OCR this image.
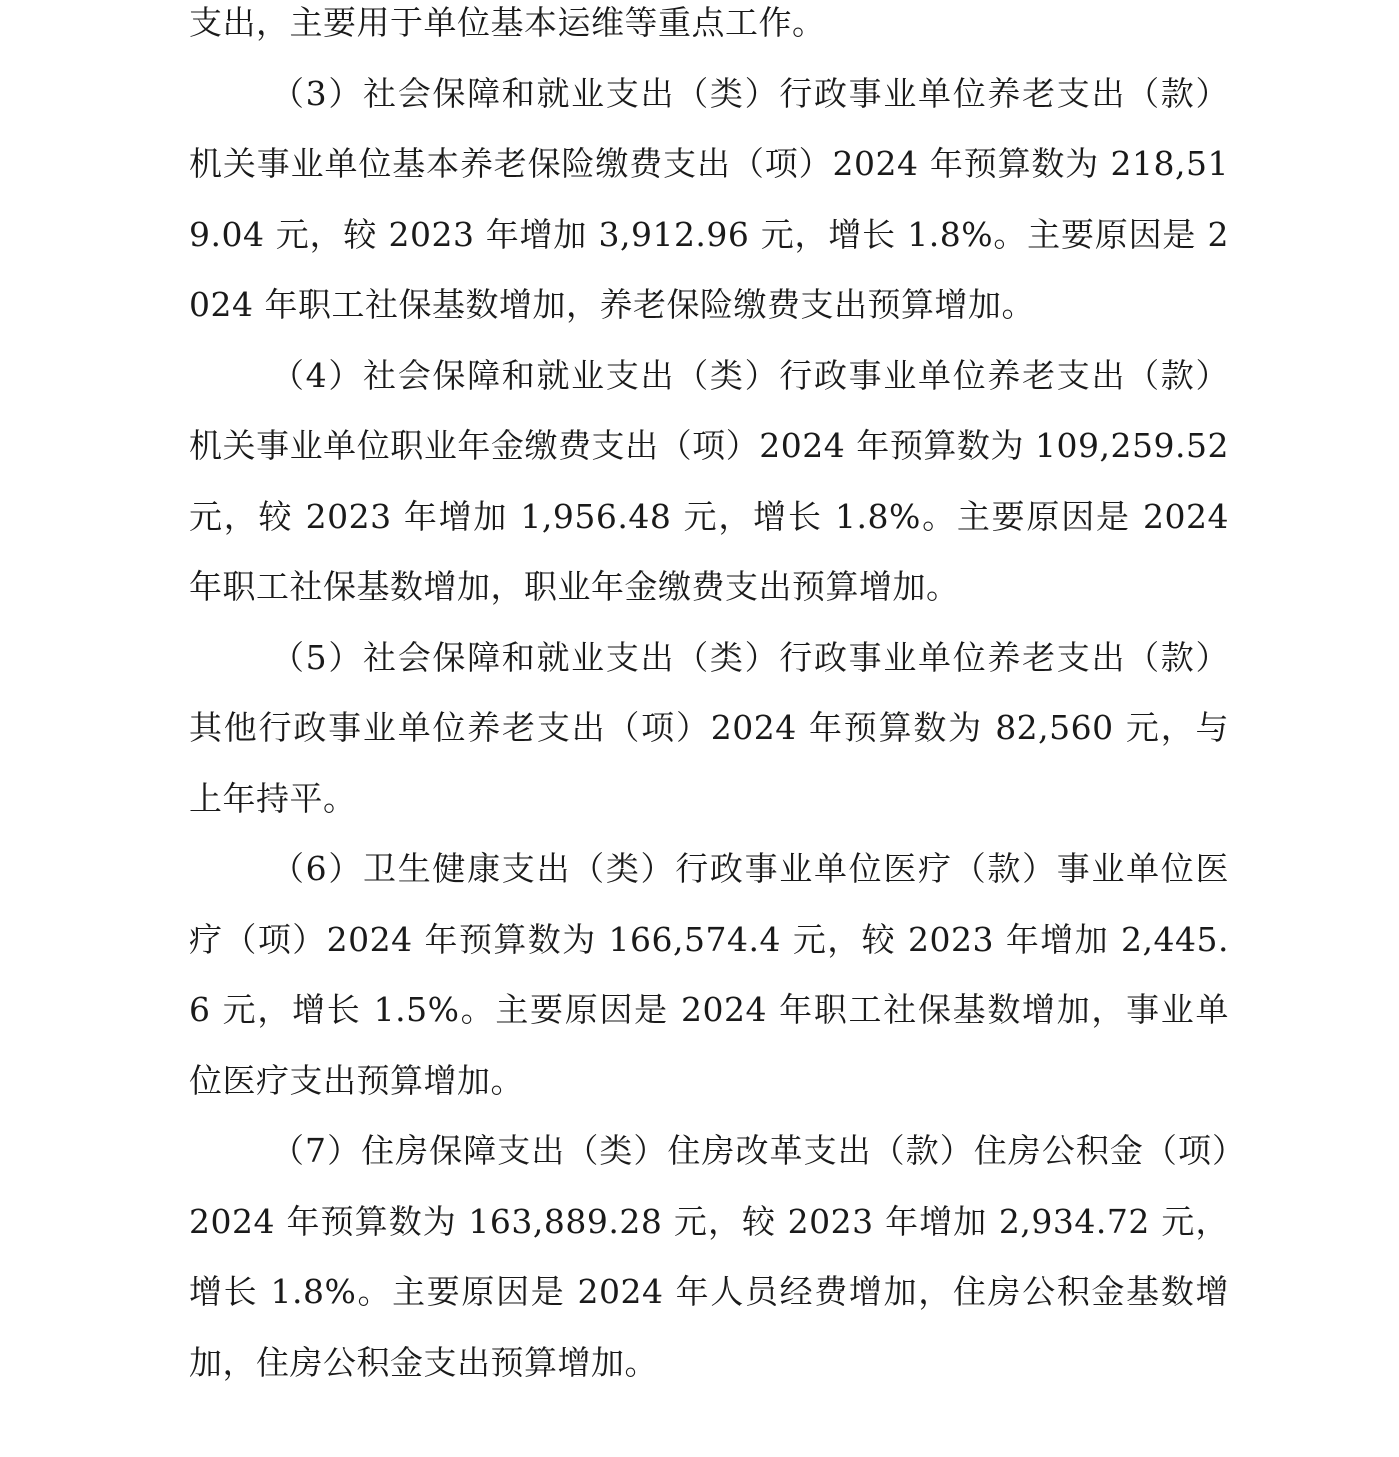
支出，主要用于单位基本运维等重点工作。

（3）社会保障和就业支出（类）行政事业单位养老支出（款）机关事业单位基本养老保险缴费支出（项）2024 年预算数为 218,519.04 元，较 2023 年增加 3,912.96 元，增长 1.8%。主要原因是 2024 年职工社保基数增加，养老保险缴费支出预算增加。

（4）社会保障和就业支出（类）行政事业单位养老支出（款）机关事业单位职业年金缴费支出（项）2024 年预算数为 109,259.52 元，较 2023 年增加 1,956.48 元，增长 1.8%。主要原因是 2024 年职工社保基数增加，职业年金缴费支出预算增加。

（5）社会保障和就业支出（类）行政事业单位养老支出（款）其他行政事业单位养老支出（项）2024 年预算数为 82,560 元，与上年持平。

（6）卫生健康支出（类）行政事业单位医疗（款）事业单位医疗（项）2024 年预算数为 166,574.4 元，较 2023 年增加 2,445.6 元，增长 1.5%。主要原因是 2024 年职工社保基数增加，事业单位医疗支出预算增加。

（7）住房保障支出（类）住房改革支出（款）住房公积金（项）2024 年预算数为 163,889.28 元，较 2023 年增加 2,934.72 元，增长 1.8%。主要原因是 2024 年人员经费增加，住房公积金基数增加，住房公积金支出预算增加。
